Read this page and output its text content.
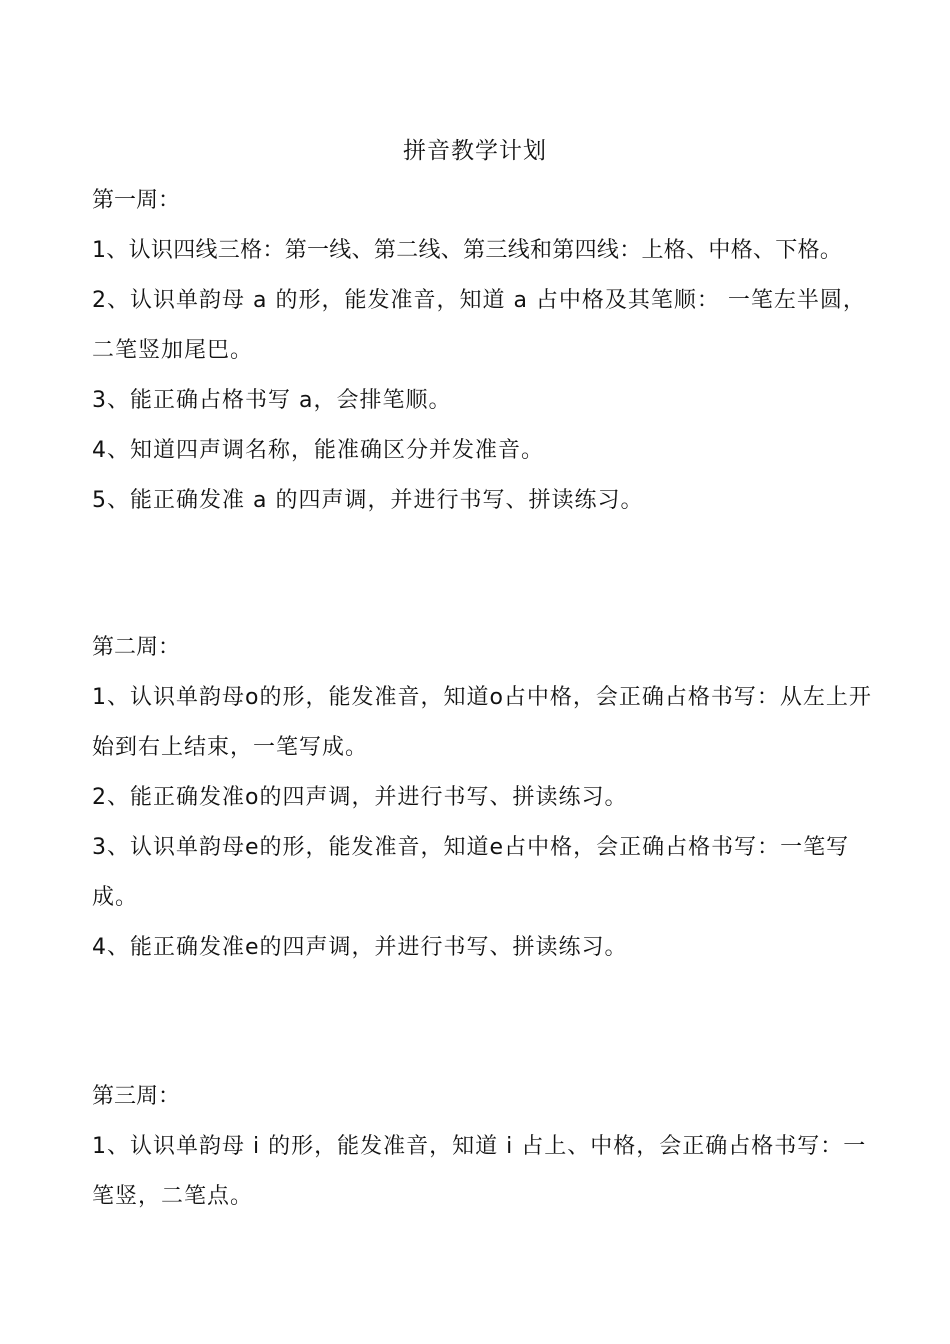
拼音教学计划
第一周：
1、认识四线三格：第一线、第二线、第三线和第四线：上格、中格、下格。
2、认识单韵母 a 的形，能发准音，知道 a 占中格及其笔顺： 一笔左半圆，二笔竖加尾巴。
3、能正确占格书写 a，会排笔顺。
4、知道四声调名称，能准确区分并发准音。
5、能正确发准 a 的四声调，并进行书写、拼读练习。
第二周：
1、认识单韵母o的形，能发准音，知道o占中格，会正确占格书写：从左上开始到右上结束，一笔写成。
2、能正确发准o的四声调，并进行书写、拼读练习。
3、认识单韵母e的形，能发准音，知道e占中格，会正确占格书写：一笔写成。
4、能正确发准e的四声调，并进行书写、拼读练习。
第三周：
1、认识单韵母 i 的形，能发准音，知道 i 占上、中格，会正确占格书写：一笔竖，二笔点。
